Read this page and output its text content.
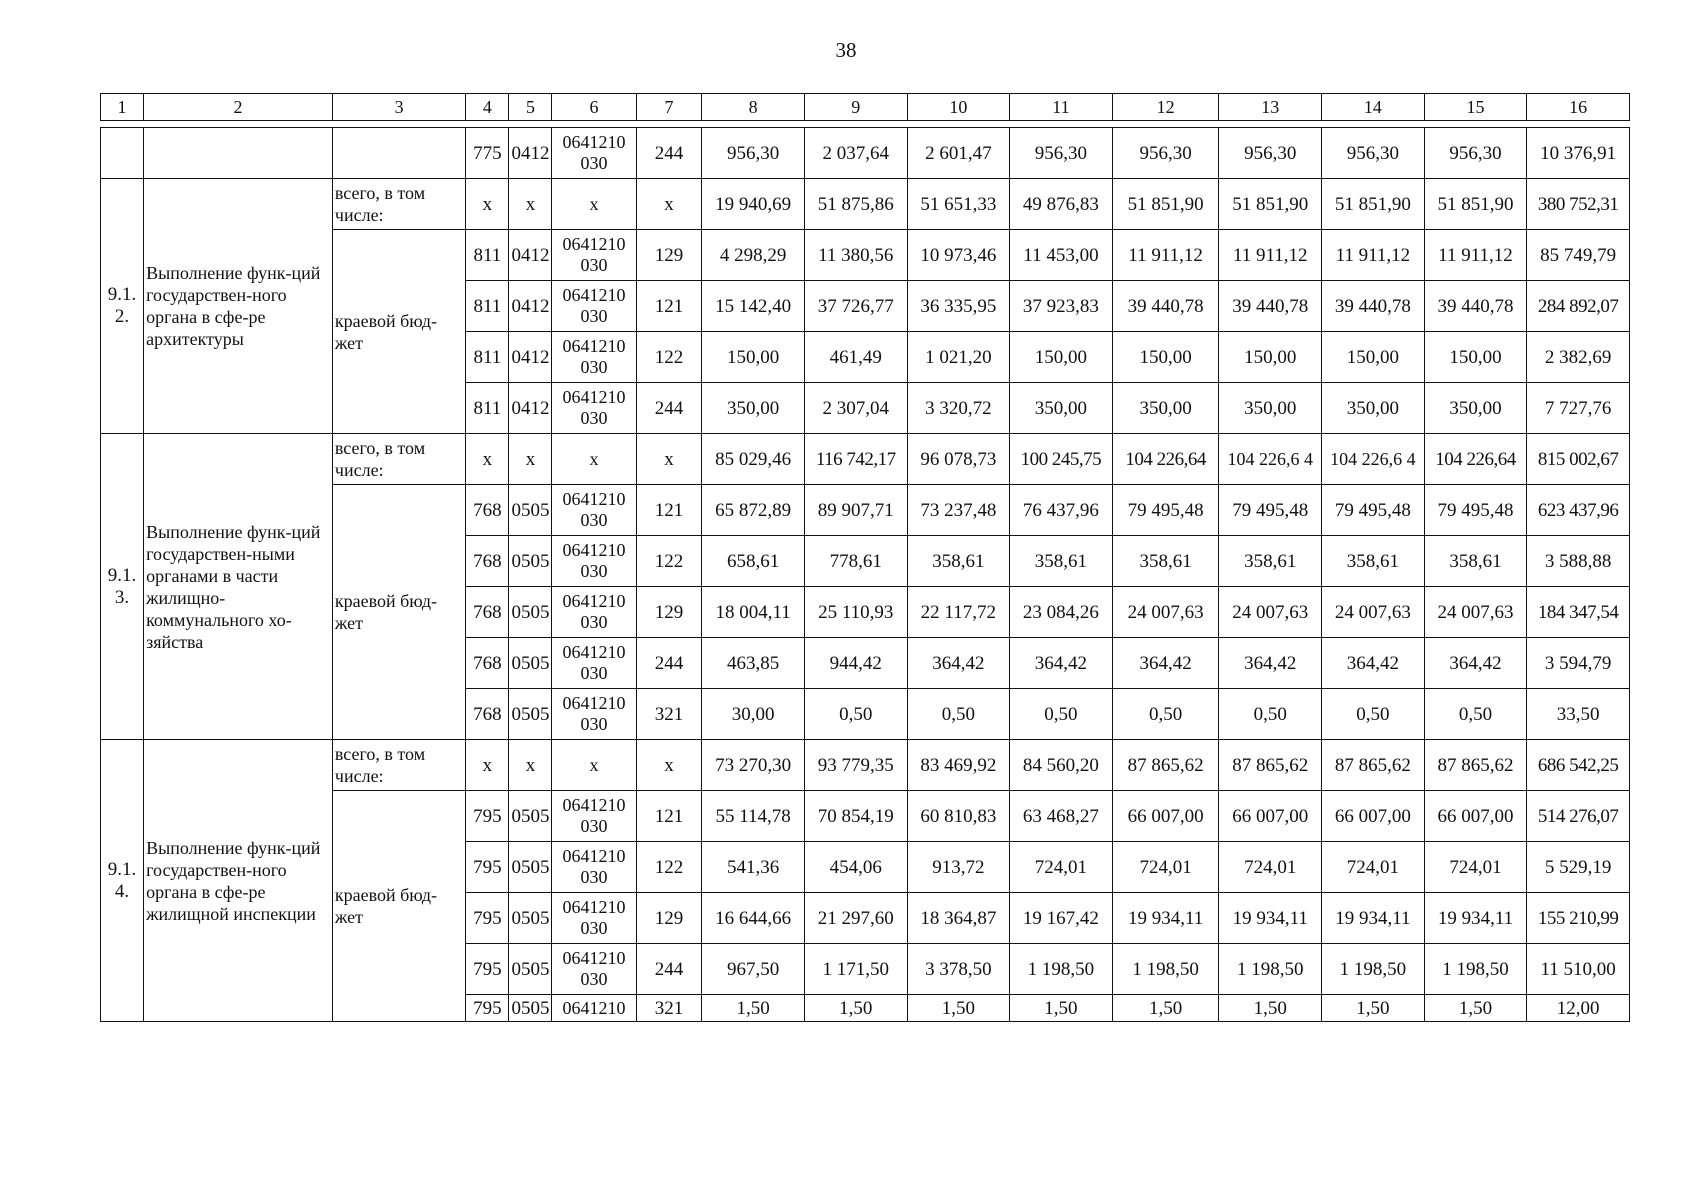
38
1	2	3	4	5	6	7	8	9	10	11	12	13	14	15	16

			775	0412	0641210 030	244	956,30	2 037,64	2 601,47	956,30	956,30	956,30	956,30	956,30	10 376,91
9.1. 2.	Выполнение функ-ций государствен-ного органа в сфе-ре архитектуры	всего, в том числе:	x	x	x	x	19 940,69	51 875,86	51 651,33	49 876,83	51 851,90	51 851,90	51 851,90	51 851,90	380 752,31
		краевой бюд-жет	811	0412	0641210 030	129	4 298,29	11 380,56	10 973,46	11 453,00	11 911,12	11 911,12	11 911,12	11 911,12	85 749,79
			811	0412	0641210 030	121	15 142,40	37 726,77	36 335,95	37 923,83	39 440,78	39 440,78	39 440,78	39 440,78	284 892,07
			811	0412	0641210 030	122	150,00	461,49	1 021,20	150,00	150,00	150,00	150,00	150,00	2 382,69
			811	0412	0641210 030	244	350,00	2 307,04	3 320,72	350,00	350,00	350,00	350,00	350,00	7 727,76
9.1. 3.	Выполнение функ-ций государствен-ными органами в части жилищно-коммунального хо-зяйства	всего, в том числе:	x	x	x	x	85 029,46	116 742,17	96 078,73	100 245,75	104 226,64	104 226,6 4	104 226,6 4	104 226,64	815 002,67
		краевой бюд-жет	768	0505	0641210 030	121	65 872,89	89 907,71	73 237,48	76 437,96	79 495,48	79 495,48	79 495,48	79 495,48	623 437,96
			768	0505	0641210 030	122	658,61	778,61	358,61	358,61	358,61	358,61	358,61	358,61	3 588,88
			768	0505	0641210 030	129	18 004,11	25 110,93	22 117,72	23 084,26	24 007,63	24 007,63	24 007,63	24 007,63	184 347,54
			768	0505	0641210 030	244	463,85	944,42	364,42	364,42	364,42	364,42	364,42	364,42	3 594,79
			768	0505	0641210 030	321	30,00	0,50	0,50	0,50	0,50	0,50	0,50	0,50	33,50
9.1. 4.	Выполнение функ-ций государствен-ного органа в сфе-ре жилищной инспекции	всего, в том числе:	x	x	x	x	73 270,30	93 779,35	83 469,92	84 560,20	87 865,62	87 865,62	87 865,62	87 865,62	686 542,25
		краевой бюд-жет	795	0505	0641210 030	121	55 114,78	70 854,19	60 810,83	63 468,27	66 007,00	66 007,00	66 007,00	66 007,00	514 276,07
			795	0505	0641210 030	122	541,36	454,06	913,72	724,01	724,01	724,01	724,01	724,01	5 529,19
			795	0505	0641210 030	129	16 644,66	21 297,60	18 364,87	19 167,42	19 934,11	19 934,11	19 934,11	19 934,11	155 210,99
			795	0505	0641210 030	244	967,50	1 171,50	3 378,50	1 198,50	1 198,50	1 198,50	1 198,50	1 198,50	11 510,00
			795	0505	0641210	321	1,50	1,50	1,50	1,50	1,50	1,50	1,50	1,50	12,00
